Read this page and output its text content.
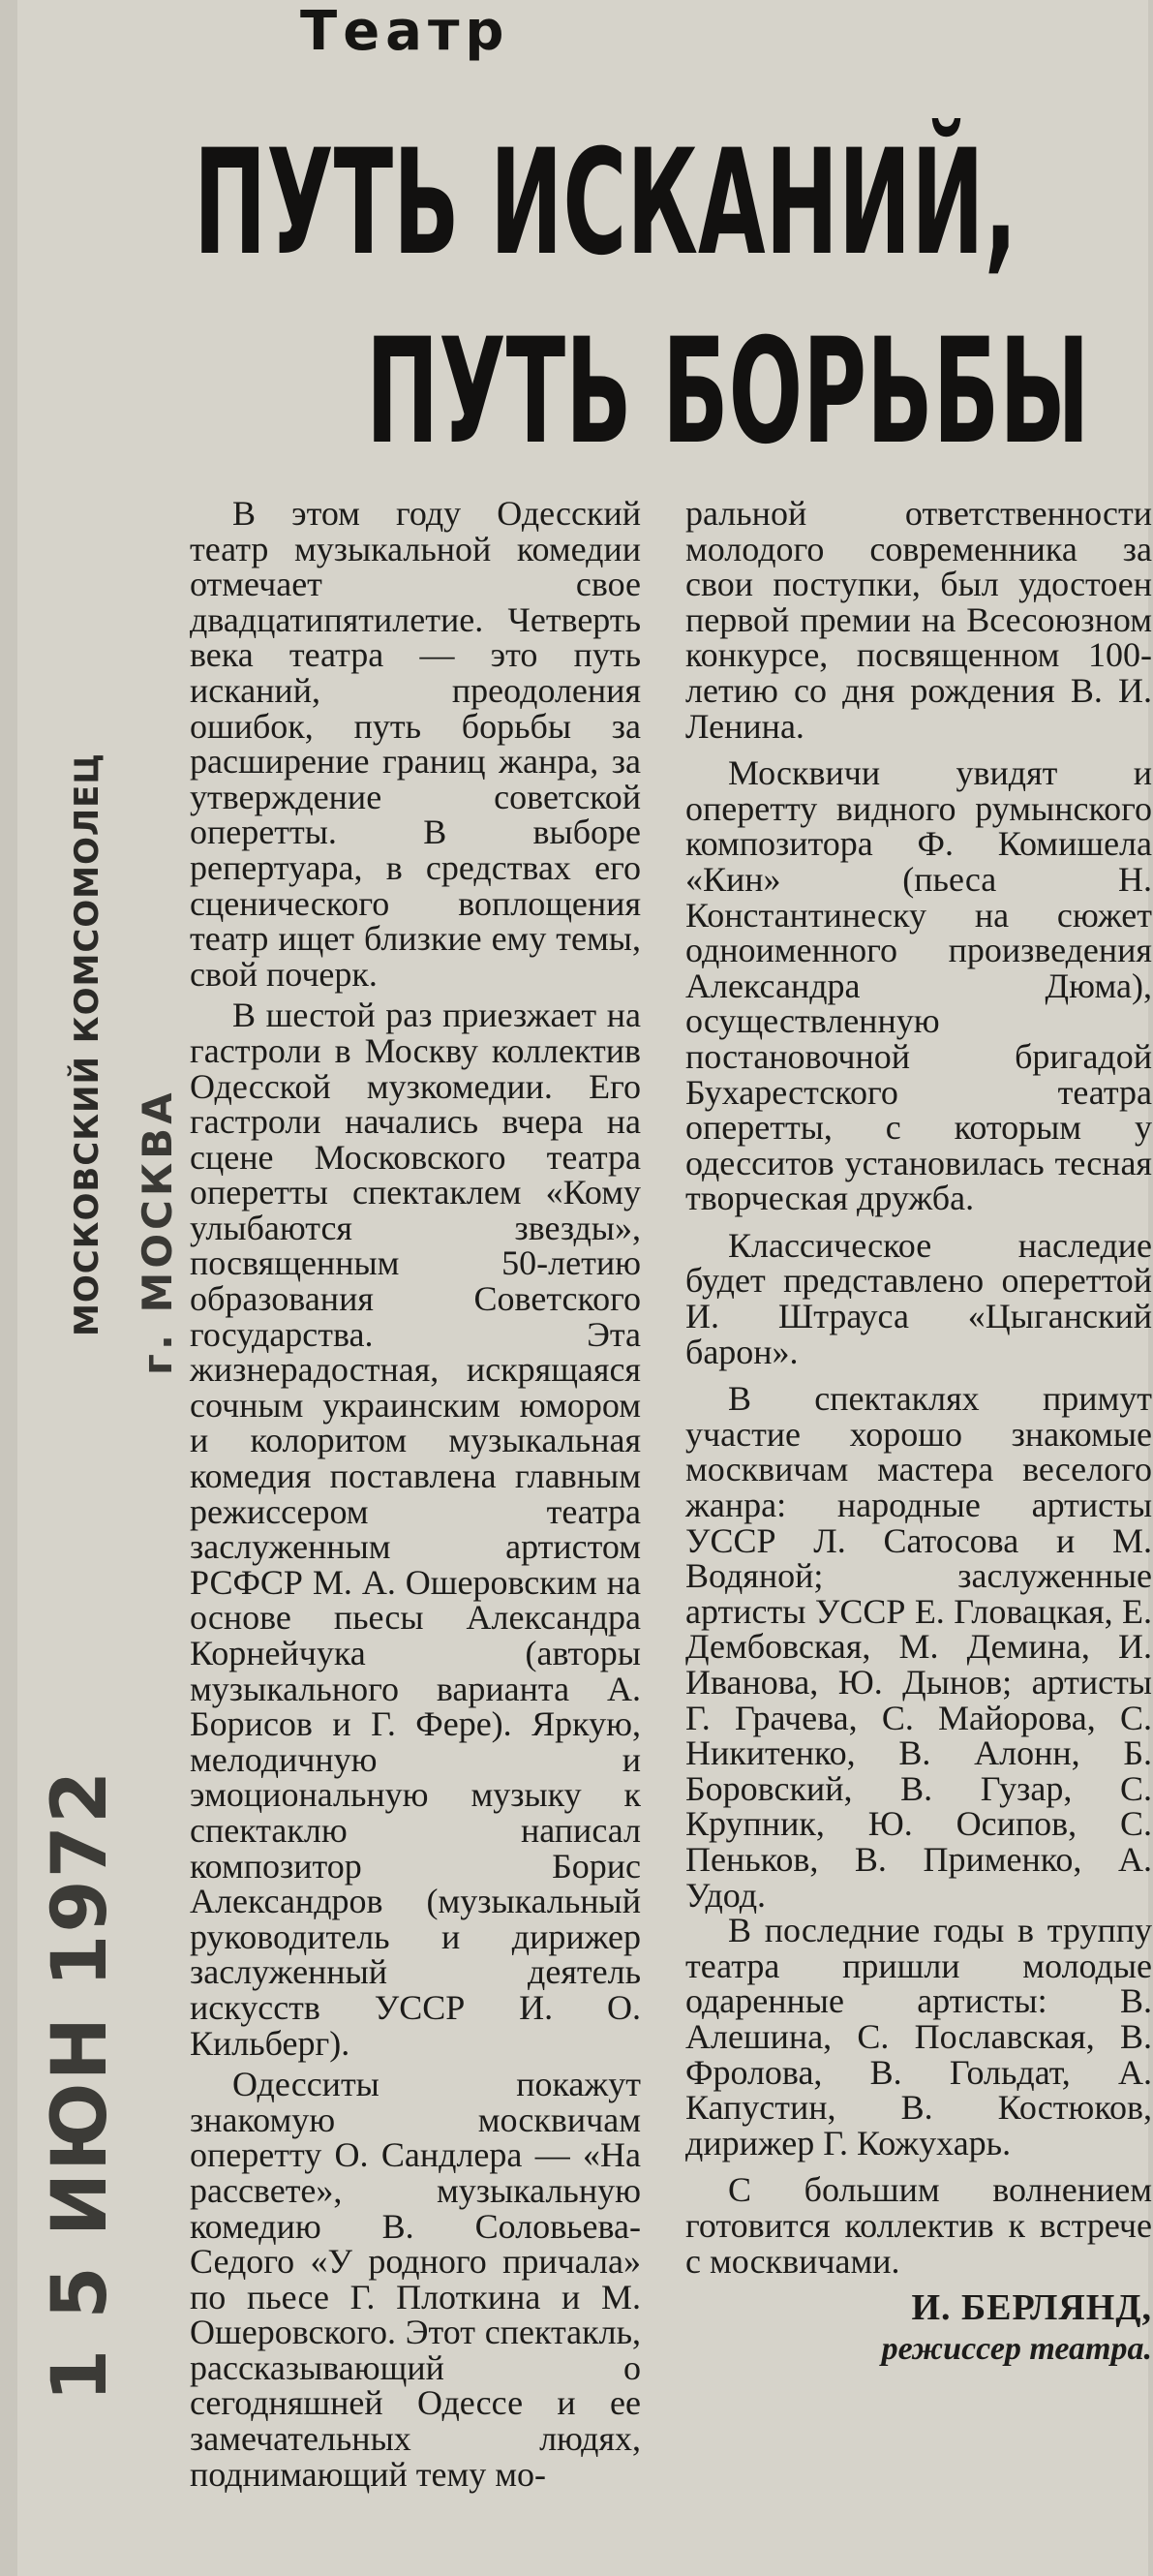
Театр
ПУТЬ ИСКАНИЙ,
ПУТЬ БОРЬБЫ
МОСКОВСКИЙ КОМСОМОЛЕЦ г. МОСКВА
1 5 ИЮН 1972

В этом году Одесский театр музыкальной комедии отмечает свое двадцатипятилетие. Четверть века театра — это путь исканий, преодоления ошибок, путь борьбы за расширение границ жанра, за утверждение советской оперетты. В выборе репертуара, в средствах его сценического воплощения театр ищет близкие ему темы, свой почерк.

В шестой раз приезжает на гастроли в Москву коллектив Одесской музкомедии. Его гастроли начались вчера на сцене Московского театра оперетты спектаклем «Кому улыбаются звезды», посвященным 50-летию образования Советского государства. Эта жизнерадостная, искрящаяся сочным украинским юмором и колоритом музыкальная комедия поставлена главным режиссером театра заслуженным артистом РСФСР М. А. Ошеровским на основе пьесы Александра Корнейчука (авторы музыкального варианта А. Борисов и Г. Фере). Яркую, мелодичную и эмоциональную музыку к спектаклю написал композитор Борис Александров (музыкальный руководитель и дирижер заслуженный деятель искусств УССР И. О. Кильберг).

Одесситы покажут знакомую москвичам оперетту О. Сандлера — «На рассвете», музыкальную комедию В. Соловьева-Седого «У родного причала» по пьесе Г. Плоткина и М. Ошеровского. Этот спектакль, рассказывающий о сегодняшней Одессе и ее замечательных людях, поднимающий тему мо-

ральной ответственности молодого современника за свои поступки, был удостоен первой премии на Всесоюзном конкурсе, посвященном 100-летию со дня рождения В. И. Ленина.

Москвичи увидят и оперетту видного румынского композитора Ф. Комишела «Кин» (пьеса Н. Константинеску на сюжет одноименного произведения Александра Дюма), осуществленную постановочной бригадой Бухарестского театра оперетты, с которым у одесситов установилась тесная творческая дружба.

Классическое наследие будет представлено опереттой И. Штрауса «Цыганский барон».

В спектаклях примут участие хорошо знакомые москвичам мастера веселого жанра: народные артисты УССР Л. Сатосова и М. Водяной; заслуженные артисты УССР Е. Гловацкая, Е. Дембовская, М. Демина, И. Иванова, Ю. Дынов; артисты Г. Грачева, С. Майорова, С. Никитенко, В. Алонн, Б. Боровский, В. Гузар, С. Крупник, Ю. Осипов, С. Пеньков, В. Применко, А. Удод.

В последние годы в труппу театра пришли молодые одаренные артисты: В. Алешина, С. Пославская, В. Фролова, В. Гольдат, А. Капустин, В. Костюков, дирижер Г. Кожухарь.

С большим волнением готовится коллектив к встрече с москвичами.

И. БЕРЛЯНД,
режиссер театра.
